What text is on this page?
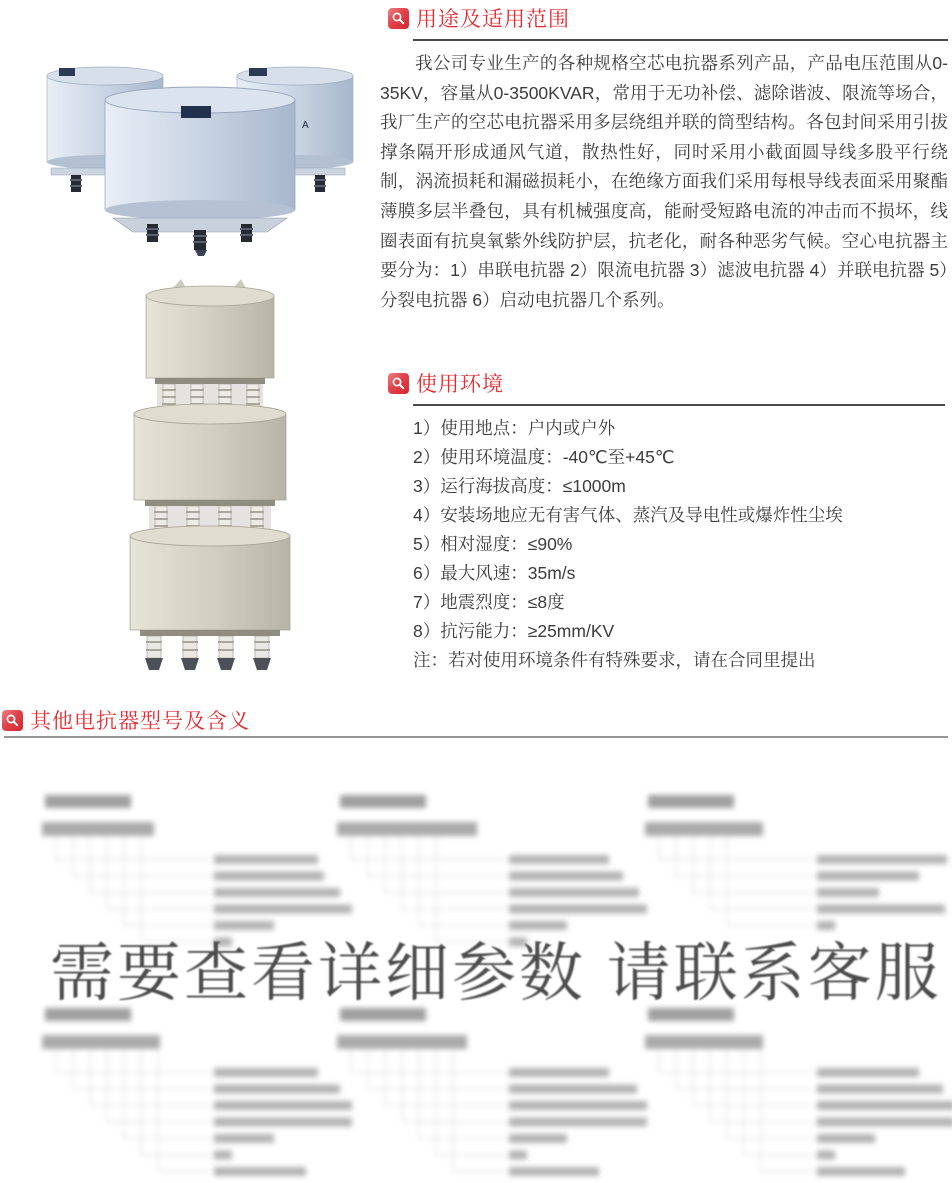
用途及适用范围
我公司专业生产的各种规格空芯电抗器系列产品，产品电压范围从0-35KV，容量从0-3500KVAR，常用于无功补偿、滤除谐波、限流等场合，我厂生产的空芯电抗器采用多层绕组并联的筒型结构。各包封间采用引拔撑条隔开形成通风气道，散热性好，同时采用小截面圆导线多股平行绕制，涡流损耗和漏磁损耗小，在绝缘方面我们采用每根导线表面采用聚酯薄膜多层半叠包，具有机械强度高，能耐受短路电流的冲击而不损坏，线圈表面有抗臭氧紫外线防护层，抗老化，耐各种恶劣气候。空心电抗器主要分为：1）串联电抗器 2）限流电抗器 3）滤波电抗器 4）并联电抗器 5）分裂电抗器 6）启动电抗器几个系列。
A
使用环境
1）使用地点：户内或户外
2）使用环境温度：-40℃至+45℃
3）运行海拔高度：≤1000m
4）安装场地应无有害气体、蒸汽及导电性或爆炸性尘埃
5）相对湿度：≤90%
6）最大风速：35m/s
7）地震烈度：≤8度
8）抗污能力：≥25mm/KV
注：若对使用环境条件有特殊要求，请在合同里提出
其他电抗器型号及含义
需要查看详细参数 请联系客服
